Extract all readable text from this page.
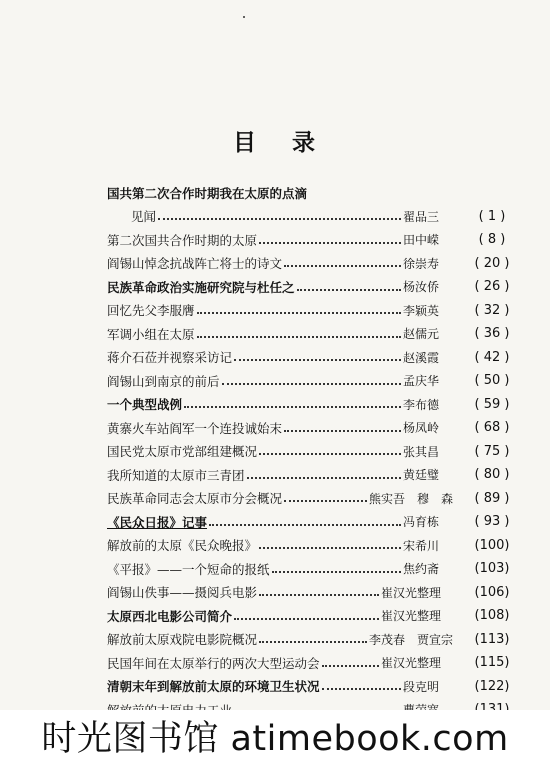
目 录
国共第二次合作时期我在太原的点滴
见闻	翟品三	( 1 )
第二次国共合作时期的太原	田中嵘	( 8 )
阎锡山悼念抗战阵亡将士的诗文	徐崇寿	( 20 )
民族革命政治实施研究院与杜任之	杨汝侨	( 26 )
回忆先父李服膺	李颖英	( 32 )
军调小组在太原	赵儒元	( 36 )
蒋介石莅并视察采访记	赵溪霞	( 42 )
阎锡山到南京的前后	孟庆华	( 50 )
一个典型战例	李布德	( 59 )
黄寨火车站阎军一个连投诚始末	杨凤岭	( 68 )
国民党太原市党部组建概况	张其昌	( 75 )
我所知道的太原市三青团	黄廷璧	( 80 )
民族革命同志会太原市分会概况	熊实吾　穆　森	( 89 )
《民众日报》记事	冯育栋	( 93 )
解放前的太原《民众晚报》	宋希川	(100)
《平报》——一个短命的报纸	焦约斋	(103)
阎锡山佚事——摄阅兵电影	崔汉光整理	(106)
太原西北电影公司简介	崔汉光整理	(108)
解放前太原戏院电影院概况	李茂春　贾宣宗	(113)
民国年间在太原举行的两次大型运动会	崔汉光整理	(115)
清朝末年到解放前太原的环境卫生状况	段克明	(122)
时光图书馆 atimebook.com
